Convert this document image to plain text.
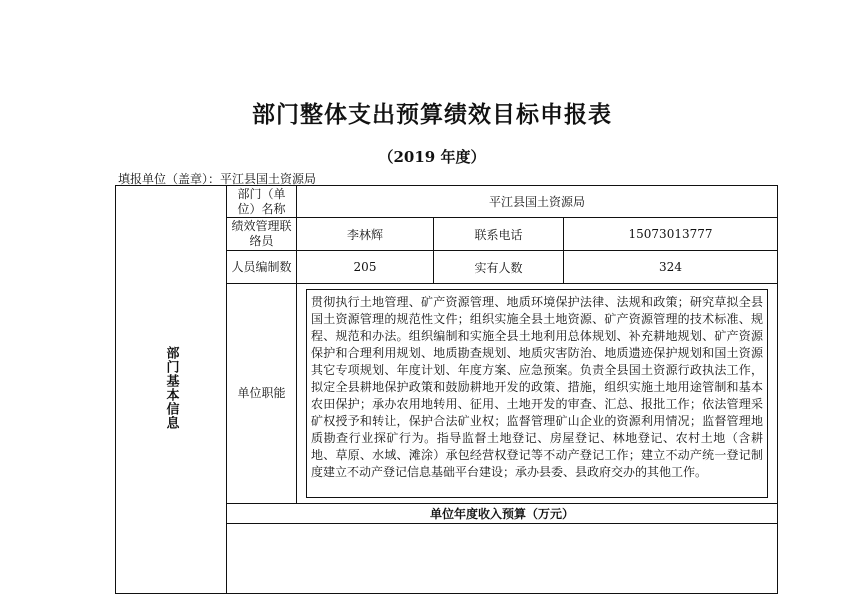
部门整体支出预算绩效目标申报表
（2019 年度）
填报单位（盖章）：平江县国土资源局
部门基本信息	部门（单位）名称	平江县国土资源局		
	绩效管理联络员	李林辉	联系电话	15073013777
	人员编制数	205	实有人数	324
	单位职能	贯彻执行土地管理、矿产资源管理、地质环境保护法律、法规和政策；研究草拟全县国土资源管理的规范性文件；组织实施全县土地资源、矿产资源管理的技术标准、规程、规范和办法。组织编制和实施全县土地利用总体规划、补充耕地规划、矿产资源保护和合理利用规划、地质勘查规划、地质灾害防治、地质遗迹保护规划和国土资源其它专项规划、年度计划、年度方案、应急预案。负责全县国土资源行政执法工作，拟定全县耕地保护政策和鼓励耕地开发的政策、措施，组织实施土地用途管制和基本农田保护；承办农用地转用、征用、土地开发的审查、汇总、报批工作；依法管理采矿权授予和转让，保护合法矿业权；监督管理矿山企业的资源利用情况；监督管理地质勘查行业探矿行为。指导监督土地登记、房屋登记、林地登记、农村土地（含耕地、草原、水域、滩涂）承包经营权登记等不动产登记工作；建立不动产统一登记制度建立不动产登记信息基础平台建设；承办县委、县政府交办的其他工作。		

	单位年度收入预算（万元）			
